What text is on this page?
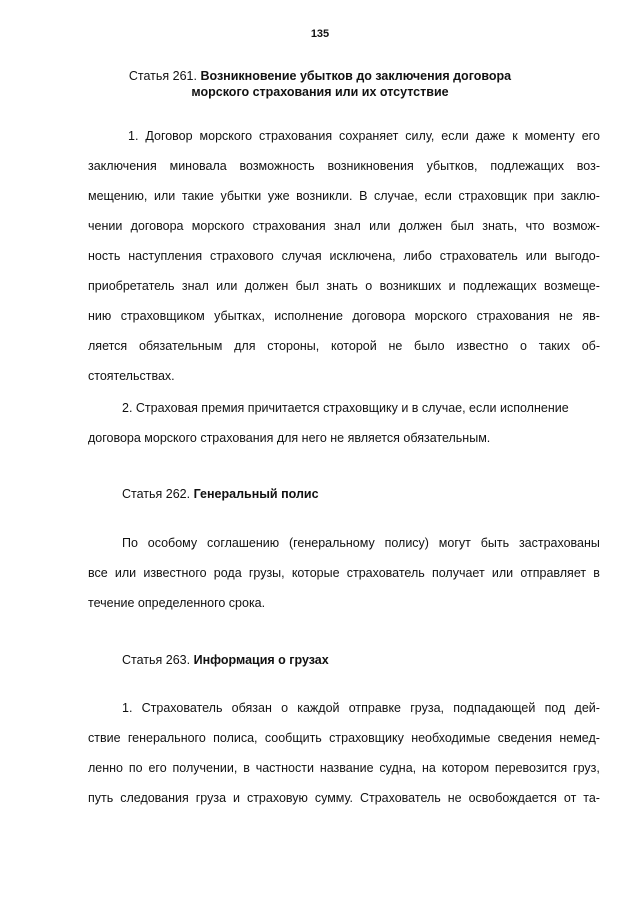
135
Статья 261. Возникновение убытков до заключения договора
морского страхования или их отсутствие
1. Договор морского страхования сохраняет силу, если даже к моменту его
заключения миновала возможность возникновения убытков, подлежащих воз-
мещению, или такие убытки уже возникли. В случае, если страховщик при заклю-
чении договора морского страхования знал или должен был знать, что возмож-
ность наступления страхового случая исключена, либо страхователь или выгодо-
приобретатель знал или должен был знать о возникших и подлежащих возмеще-
нию страховщиком убытках, исполнение договора морского страхования не яв-
ляется обязательным для стороны, которой не было известно о таких об-
стоятельствах.
2. Страховая премия причитается страховщику и в случае, если исполнение
договора морского страхования для него не является обязательным.
Статья 262. Генеральный полис
По особому соглашению (генеральному полису) могут быть застрахованы
все или известного рода грузы, которые страхователь получает или отправляет в
течение определенного срока.
Статья 263. Информация о грузах
1. Страхователь обязан о каждой отправке груза, подпадающей под дей-
ствие генерального полиса, сообщить страховщику необходимые сведения немед-
ленно по его получении, в частности название судна, на котором перевозится груз,
путь следования груза и страховую сумму. Страхователь не освобождается от та-
